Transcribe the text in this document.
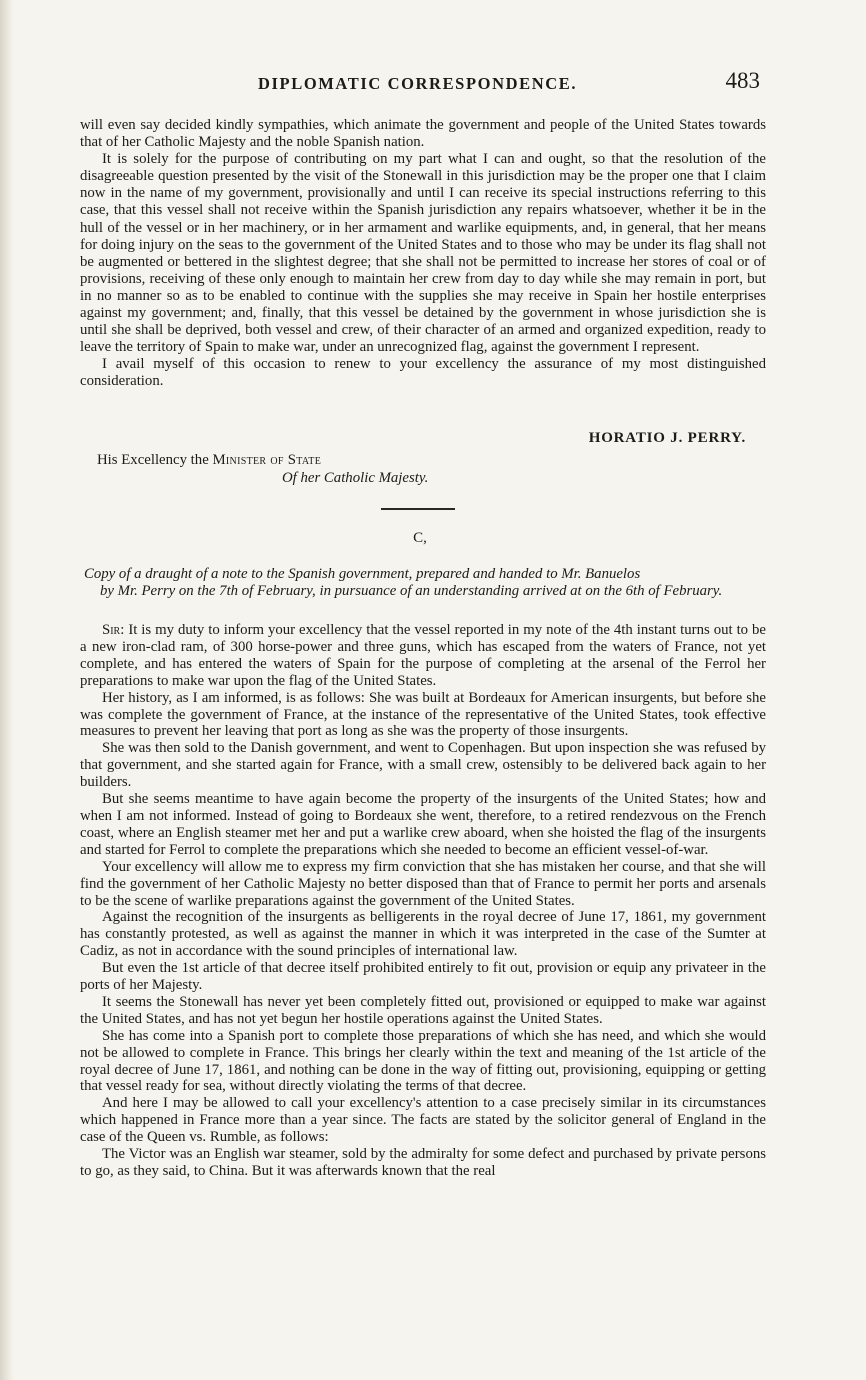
DIPLOMATIC CORRESPONDENCE.	483

will even say decided kindly sympathies, which animate the government and people of the United States towards that of her Catholic Majesty and the noble Spanish nation.

It is solely for the purpose of contributing on my part what I can and ought, so that the resolution of the disagreeable question presented by the visit of the Stonewall in this jurisdiction may be the proper one that I claim now in the name of my government, provisionally and until I can receive its special instructions referring to this case, that this vessel shall not receive within the Spanish jurisdiction any repairs whatsoever, whether it be in the hull of the vessel or in her machinery, or in her armament and warlike equipments, and, in general, that her means for doing injury on the seas to the government of the United States and to those who may be under its flag shall not be augmented or bettered in the slightest degree; that she shall not be permitted to increase her stores of coal or of provisions, receiving of these only enough to maintain her crew from day to day while she may remain in port, but in no manner so as to be enabled to continue with the supplies she may receive in Spain her hostile enterprises against my government; and, finally, that this vessel be detained by the government in whose jurisdiction she is until she shall be deprived, both vessel and crew, of their character of an armed and organized expedition, ready to leave the territory of Spain to make war, under an unrecognized flag, against the government I represent.

I avail myself of this occasion to renew to your excellency the assurance of my most distinguished consideration.

HORATIO J. PERRY.
His Excellency the Minister of State
Of her Catholic Majesty.
C,
Copy of a draught of a note to the Spanish government, prepared and handed to Mr. Banuelos
by Mr. Perry on the 7th of February, in pursuance of an understanding arrived at on the 6th of February.

Sir: It is my duty to inform your excellency that the vessel reported in my note of the 4th instant turns out to be a new iron-clad ram, of 300 horse-power and three guns, which has escaped from the waters of France, not yet complete, and has entered the waters of Spain for the purpose of completing at the arsenal of the Ferrol her preparations to make war upon the flag of the United States.

Her history, as I am informed, is as follows: She was built at Bordeaux for American insurgents, but before she was complete the government of France, at the instance of the representative of the United States, took effective measures to prevent her leaving that port as long as she was the property of those insurgents.

She was then sold to the Danish government, and went to Copenhagen. But upon inspection she was refused by that government, and she started again for France, with a small crew, ostensibly to be delivered back again to her builders.

But she seems meantime to have again become the property of the insurgents of the United States; how and when I am not informed. Instead of going to Bordeaux she went, therefore, to a retired rendezvous on the French coast, where an English steamer met her and put a warlike crew aboard, when she hoisted the flag of the insurgents and started for Ferrol to complete the preparations which she needed to become an efficient vessel-of-war.

Your excellency will allow me to express my firm conviction that she has mistaken her course, and that she will find the government of her Catholic Majesty no better disposed than that of France to permit her ports and arsenals to be the scene of warlike preparations against the government of the United States.

Against the recognition of the insurgents as belligerents in the royal decree of June 17, 1861, my government has constantly protested, as well as against the manner in which it was interpreted in the case of the Sumter at Cadiz, as not in accordance with the sound principles of international law.

But even the 1st article of that decree itself prohibited entirely to fit out, provision or equip any privateer in the ports of her Majesty.

It seems the Stonewall has never yet been completely fitted out, provisioned or equipped to make war against the United States, and has not yet begun her hostile operations against the United States.

She has come into a Spanish port to complete those preparations of which she has need, and which she would not be allowed to complete in France. This brings her clearly within the text and meaning of the 1st article of the royal decree of June 17, 1861, and nothing can be done in the way of fitting out, provisioning, equipping or getting that vessel ready for sea, without directly violating the terms of that decree.

And here I may be allowed to call your excellency's attention to a case precisely similar in its circumstances which happened in France more than a year since. The facts are stated by the solicitor general of England in the case of the Queen vs. Rumble, as follows:

The Victor was an English war steamer, sold by the admiralty for some defect and purchased by private persons to go, as they said, to China. But it was afterwards known that the real
